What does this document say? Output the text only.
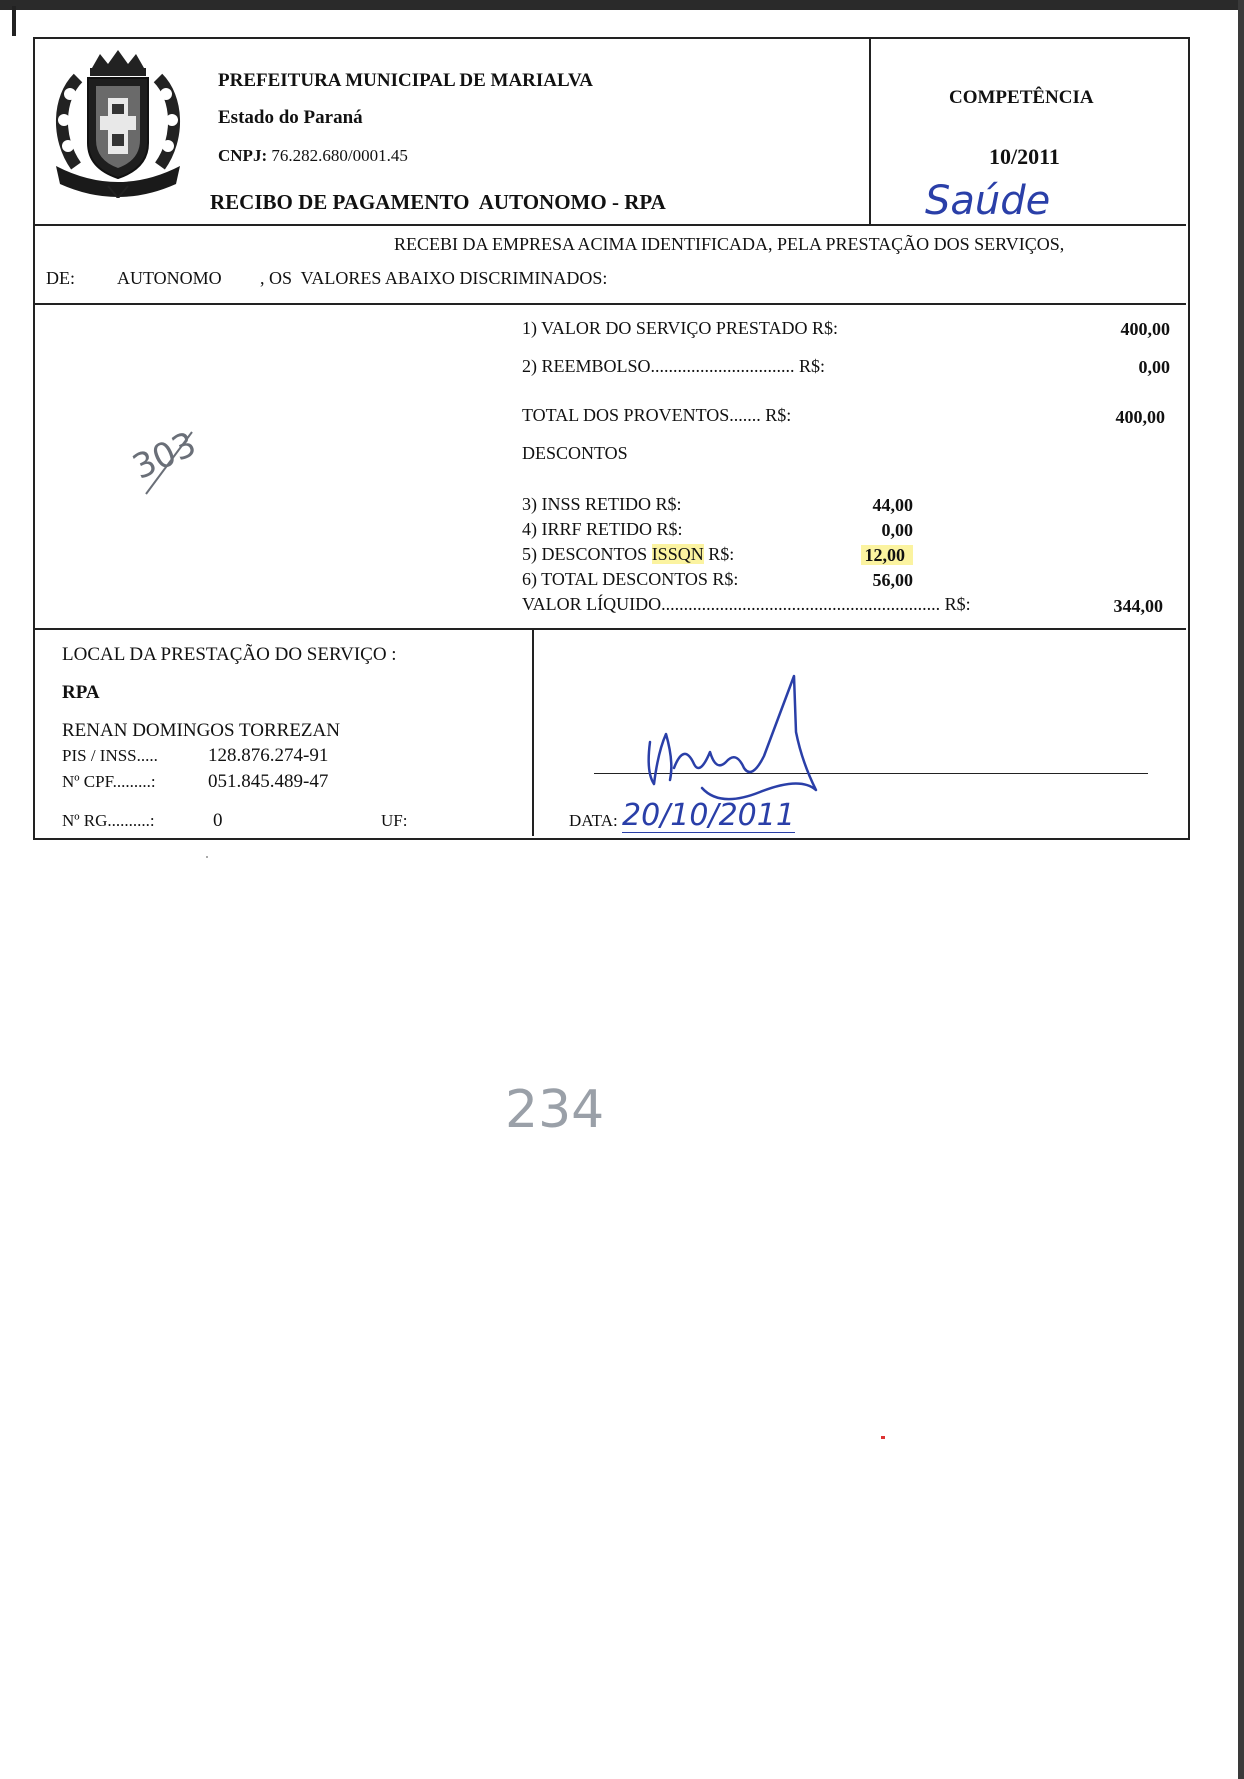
PREFEITURA MUNICIPAL DE MARIALVA
Estado do Paraná
CNPJ: 76.282.680/0001.45
RECIBO DE PAGAMENTO  AUTONOMO - RPA
COMPETÊNCIA
10/2011
Saúde
RECEBI DA EMPRESA ACIMA IDENTIFICADA, PELA PRESTAÇÃO DOS SERVIÇOS,
DE: AUTONOMO , OS  VALORES ABAIXO DISCRIMINADOS:
1) VALOR DO SERVIÇO PRESTADO R$:	400,00
2) REEMBOLSO................................ R$:	0,00
TOTAL DOS PROVENTOS....... R$:	400,00
DESCONTOS
3) INSS RETIDO R$:	44,00
4) IRRF RETIDO R$:	0,00
5) DESCONTOS ISSQN R$:	12,00
6) TOTAL DESCONTOS R$:	56,00
VALOR LÍQUIDO.............................................................. R$:	344,00
303
LOCAL DA PRESTAÇÃO DO SERVIÇO :
RPA
RENAN DOMINGOS TORREZAN
PIS / INSS.....	128.876.274-91
Nº CPF.........:	051.845.489-47
Nº RG..........:	0	UF:	DATA: 20/10/2011
234
